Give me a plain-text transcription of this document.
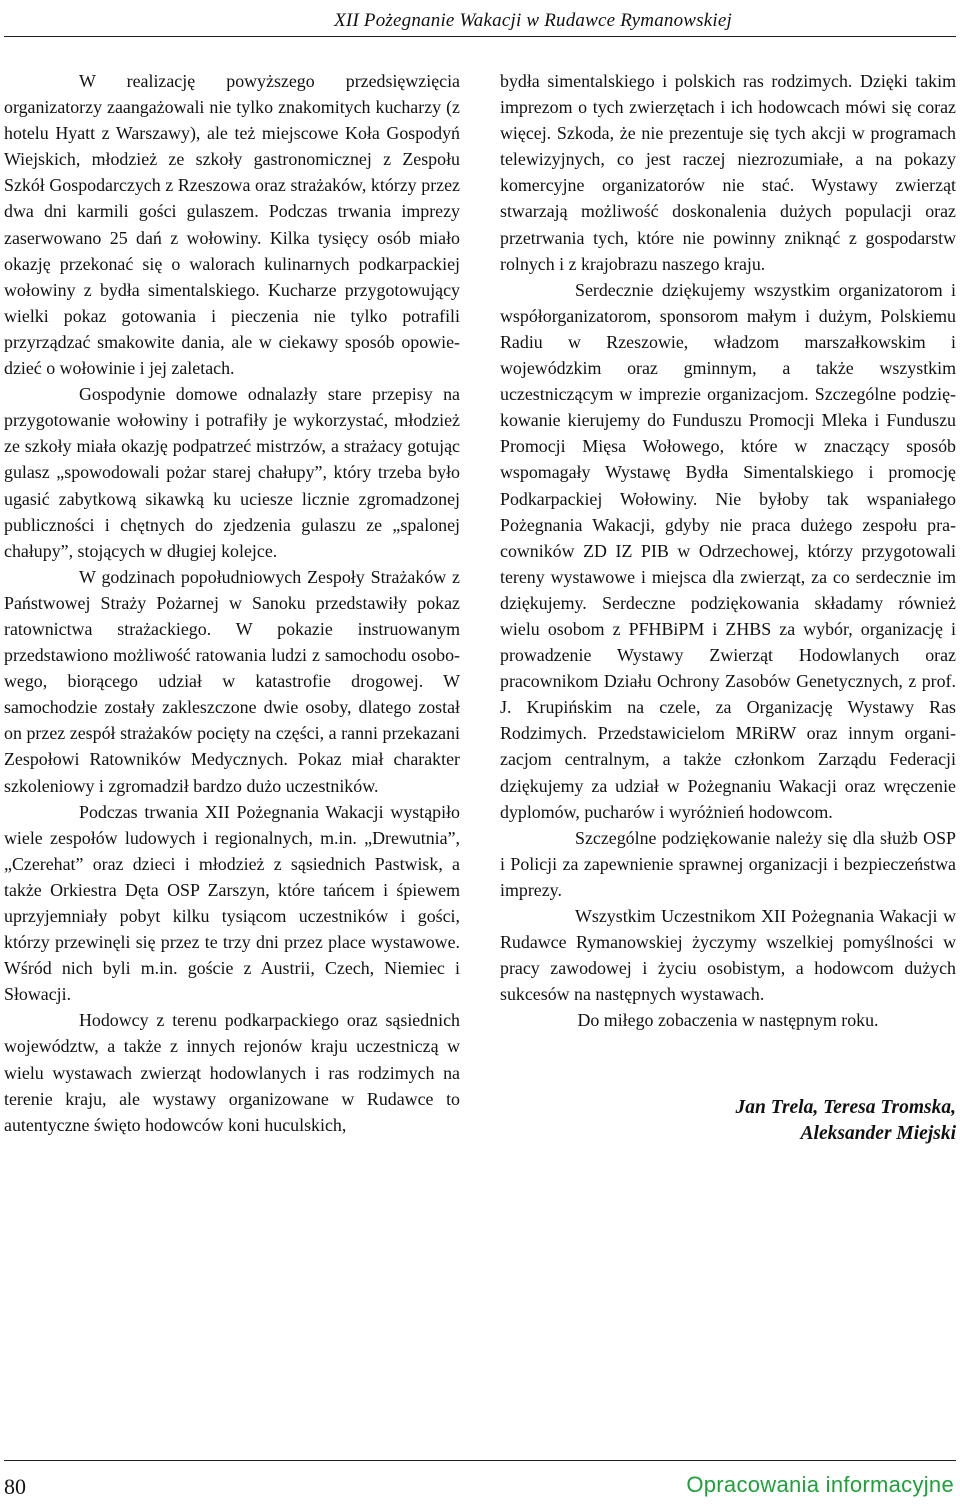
XII Pożegnanie Wakacji w Rudawce Rymanowskiej

W realizację powyższego przedsięwzięcia organizatorzy zaangażowali nie tylko znakomitych kucharzy (z hotelu Hyatt z Warszawy), ale też miejscowe Koła Gospodyń Wiejskich, młodzież ze szkoły gastronomicznej z Zespołu Szkół Gospodarczych z Rzeszowa oraz strażaków, którzy przez dwa dni karmili gości gulaszem. Podczas trwania imprezy zaserwowano 25 dań z wołowiny. Kilka tysięcy osób miało okazję przekonać się o walorach kulinarnych podkarpackiej wołowiny z bydła simentalskiego. Kucharze przygotowujący wielki pokaz gotowania i pieczenia nie tylko potrafili przyrządzać smakowite dania, ale w ciekawy sposób opowiedzieć o wołowinie i jej zaletach.

Gospodynie domowe odnalazły stare przepisy na przygotowanie wołowiny i potrafiły je wykorzystać, młodzież ze szkoły miała okazję podpatrzeć mistrzów, a strażacy gotując gulasz „spowodowali pożar starej chałupy”, który trzeba było ugasić zabytkową sikawką ku uciesze licznie zgromadzonej publiczności i chętnych do zjedzenia gulaszu ze „spalonej chałupy”, stojących w długiej kolejce.

W godzinach popołudniowych Zespoły Strażaków z Państwowej Straży Pożarnej w Sanoku przedstawiły pokaz ratownictwa strażackiego. W pokazie instruowanym przedstawiono możliwość ratowania ludzi z samochodu osobowego, biorącego udział w katastrofie drogowej. W samochodzie zostały zakleszczone dwie osoby, dlatego został on przez zespół strażaków pocięty na części, a ranni przekazani Zespołowi Ratowników Medycznych. Pokaz miał charakter szkoleniowy i zgromadził bardzo dużo uczestników.

Podczas trwania XII Pożegnania Wakacji wystąpiło wiele zespołów ludowych i regionalnych, m.in. „Drewutnia”, „Czerehat” oraz dzieci i młodzież z sąsiednich Pastwisk, a także Orkiestra Dęta OSP Zarszyn, które tańcem i śpiewem uprzyjemniały pobyt kilku tysiącom uczestników i gości, którzy przewinęli się przez te trzy dni przez place wystawowe. Wśród nich byli m.in. goście z Austrii, Czech, Niemiec i Słowacji.

Hodowcy z terenu podkarpackiego oraz sąsiednich województw, a także z innych rejonów kraju uczestniczą w wielu wystawach zwierząt hodowlanych i ras rodzimych na terenie kraju, ale wystawy organizowane w Rudawce to autentyczne święto hodowców koni huculskich,

bydła simentalskiego i polskich ras rodzimych. Dzięki takim imprezom o tych zwierzętach i ich hodowcach mówi się coraz więcej. Szkoda, że nie prezentuje się tych akcji w programach telewizyjnych, co jest raczej niezrozumiałe, a na pokazy komercyjne organizatorów nie stać. Wystawy zwierząt stwarzają możliwość doskonalenia dużych populacji oraz przetrwania tych, które nie powinny zniknąć z gospodarstw rolnych i z krajobrazu naszego kraju.

Serdecznie dziękujemy wszystkim organizatorom i współorganizatorom, sponsorom małym i dużym, Polskiemu Radiu w Rzeszowie, władzom marszałkowskim i wojewódzkim oraz gminnym, a także wszystkim uczestniczącym w imprezie organizacjom. Szczególne podziękowanie kierujemy do Funduszu Promocji Mleka i Funduszu Promocji Mięsa Wołowego, które w znaczący sposób wspomagały Wystawę Bydła Simentalskiego i promocję Podkarpackiej Wołowiny. Nie byłoby tak wspaniałego Pożegnania Wakacji, gdyby nie praca dużego zespołu pracowników ZD IZ PIB w Odrzechowej, którzy przygotowali tereny wystawowe i miejsca dla zwierząt, za co serdecznie im dziękujemy. Serdeczne podziękowania składamy również wielu osobom z PFHBiPM i ZHBS za wybór, organizację i prowadzenie Wystawy Zwierząt Hodowlanych oraz pracownikom Działu Ochrony Zasobów Genetycznych, z prof. J. Krupińskim na czele, za Organizację Wystawy Ras Rodzimych. Przedstawicielom MRiRW oraz innym organizacjom centralnym, a także członkom Zarządu Federacji dziękujemy za udział w Pożegnaniu Wakacji oraz wręczenie dyplomów, pucharów i wyróżnień hodowcom.

Szczególne podziękowanie należy się dla służb OSP i Policji za zapewnienie sprawnej organizacji i bezpieczeństwa imprezy.

Wszystkim Uczestnikom XII Pożegnania Wakacji w Rudawce Rymanowskiej życzymy wszelkiej pomyślności w pracy zawodowej i życiu osobistym, a hodowcom dużych sukcesów na następnych wystawach.

Do miłego zobaczenia w następnym roku.

Jan Trela, Teresa Tromska,
Aleksander Miejski
80	Opracowania informacyjne
